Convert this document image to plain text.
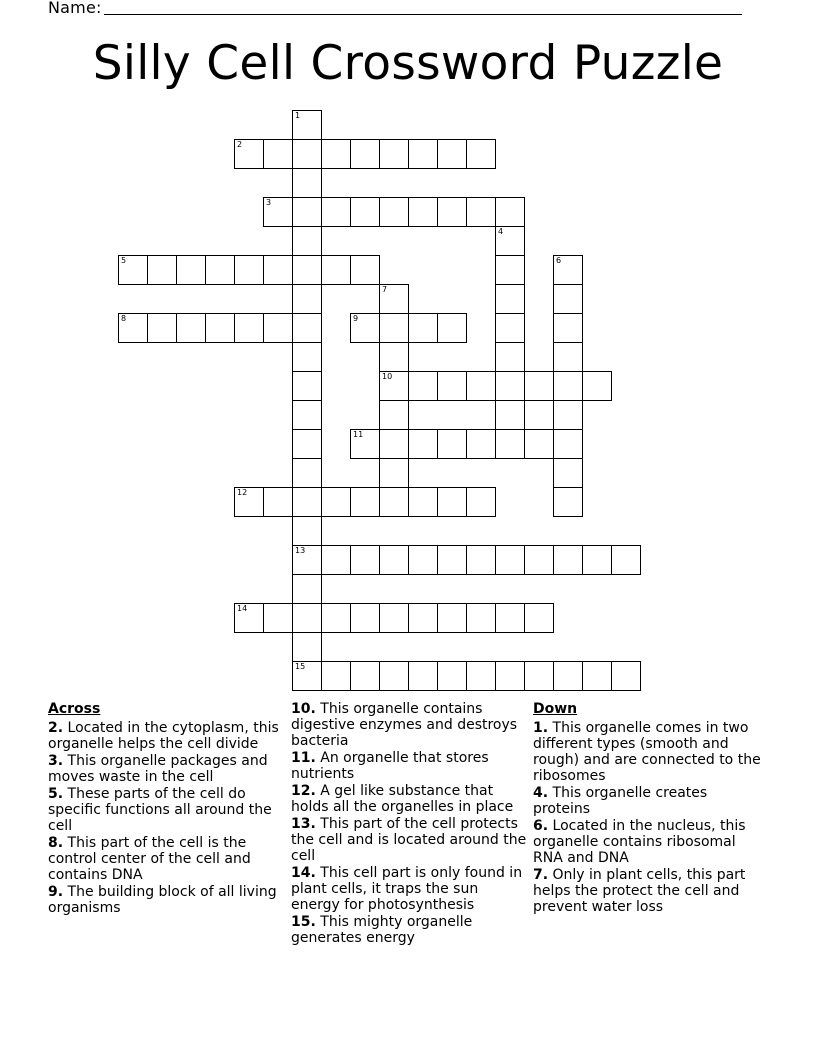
Name:
Silly Cell Crossword Puzzle
1
13
15
2
3
4
5	6
7
10
8	9
11
12
14
Across
2. Located in the cytoplasm, this organelle helps the cell divide
3. This organelle packages and moves waste in the cell
5. These parts of the cell do specific functions all around the cell
8. This part of the cell is the control center of the cell and contains DNA
9. The building block of all living organisms
10. This organelle contains digestive enzymes and destroys bacteria
11. An organelle that stores nutrients
12. A gel like substance that holds all the organelles in place
13. This part of the cell protects the cell and is located around the cell
14. This cell part is only found in plant cells, it traps the sun energy for photosynthesis
15. This mighty organelle generates energy
Down
1. This organelle comes in two different types (smooth and rough) and are connected to the ribosomes
4. This organelle creates proteins
6. Located in the nucleus, this organelle contains ribosomal RNA and DNA
7. Only in plant cells, this part helps the protect the cell and prevent water loss
